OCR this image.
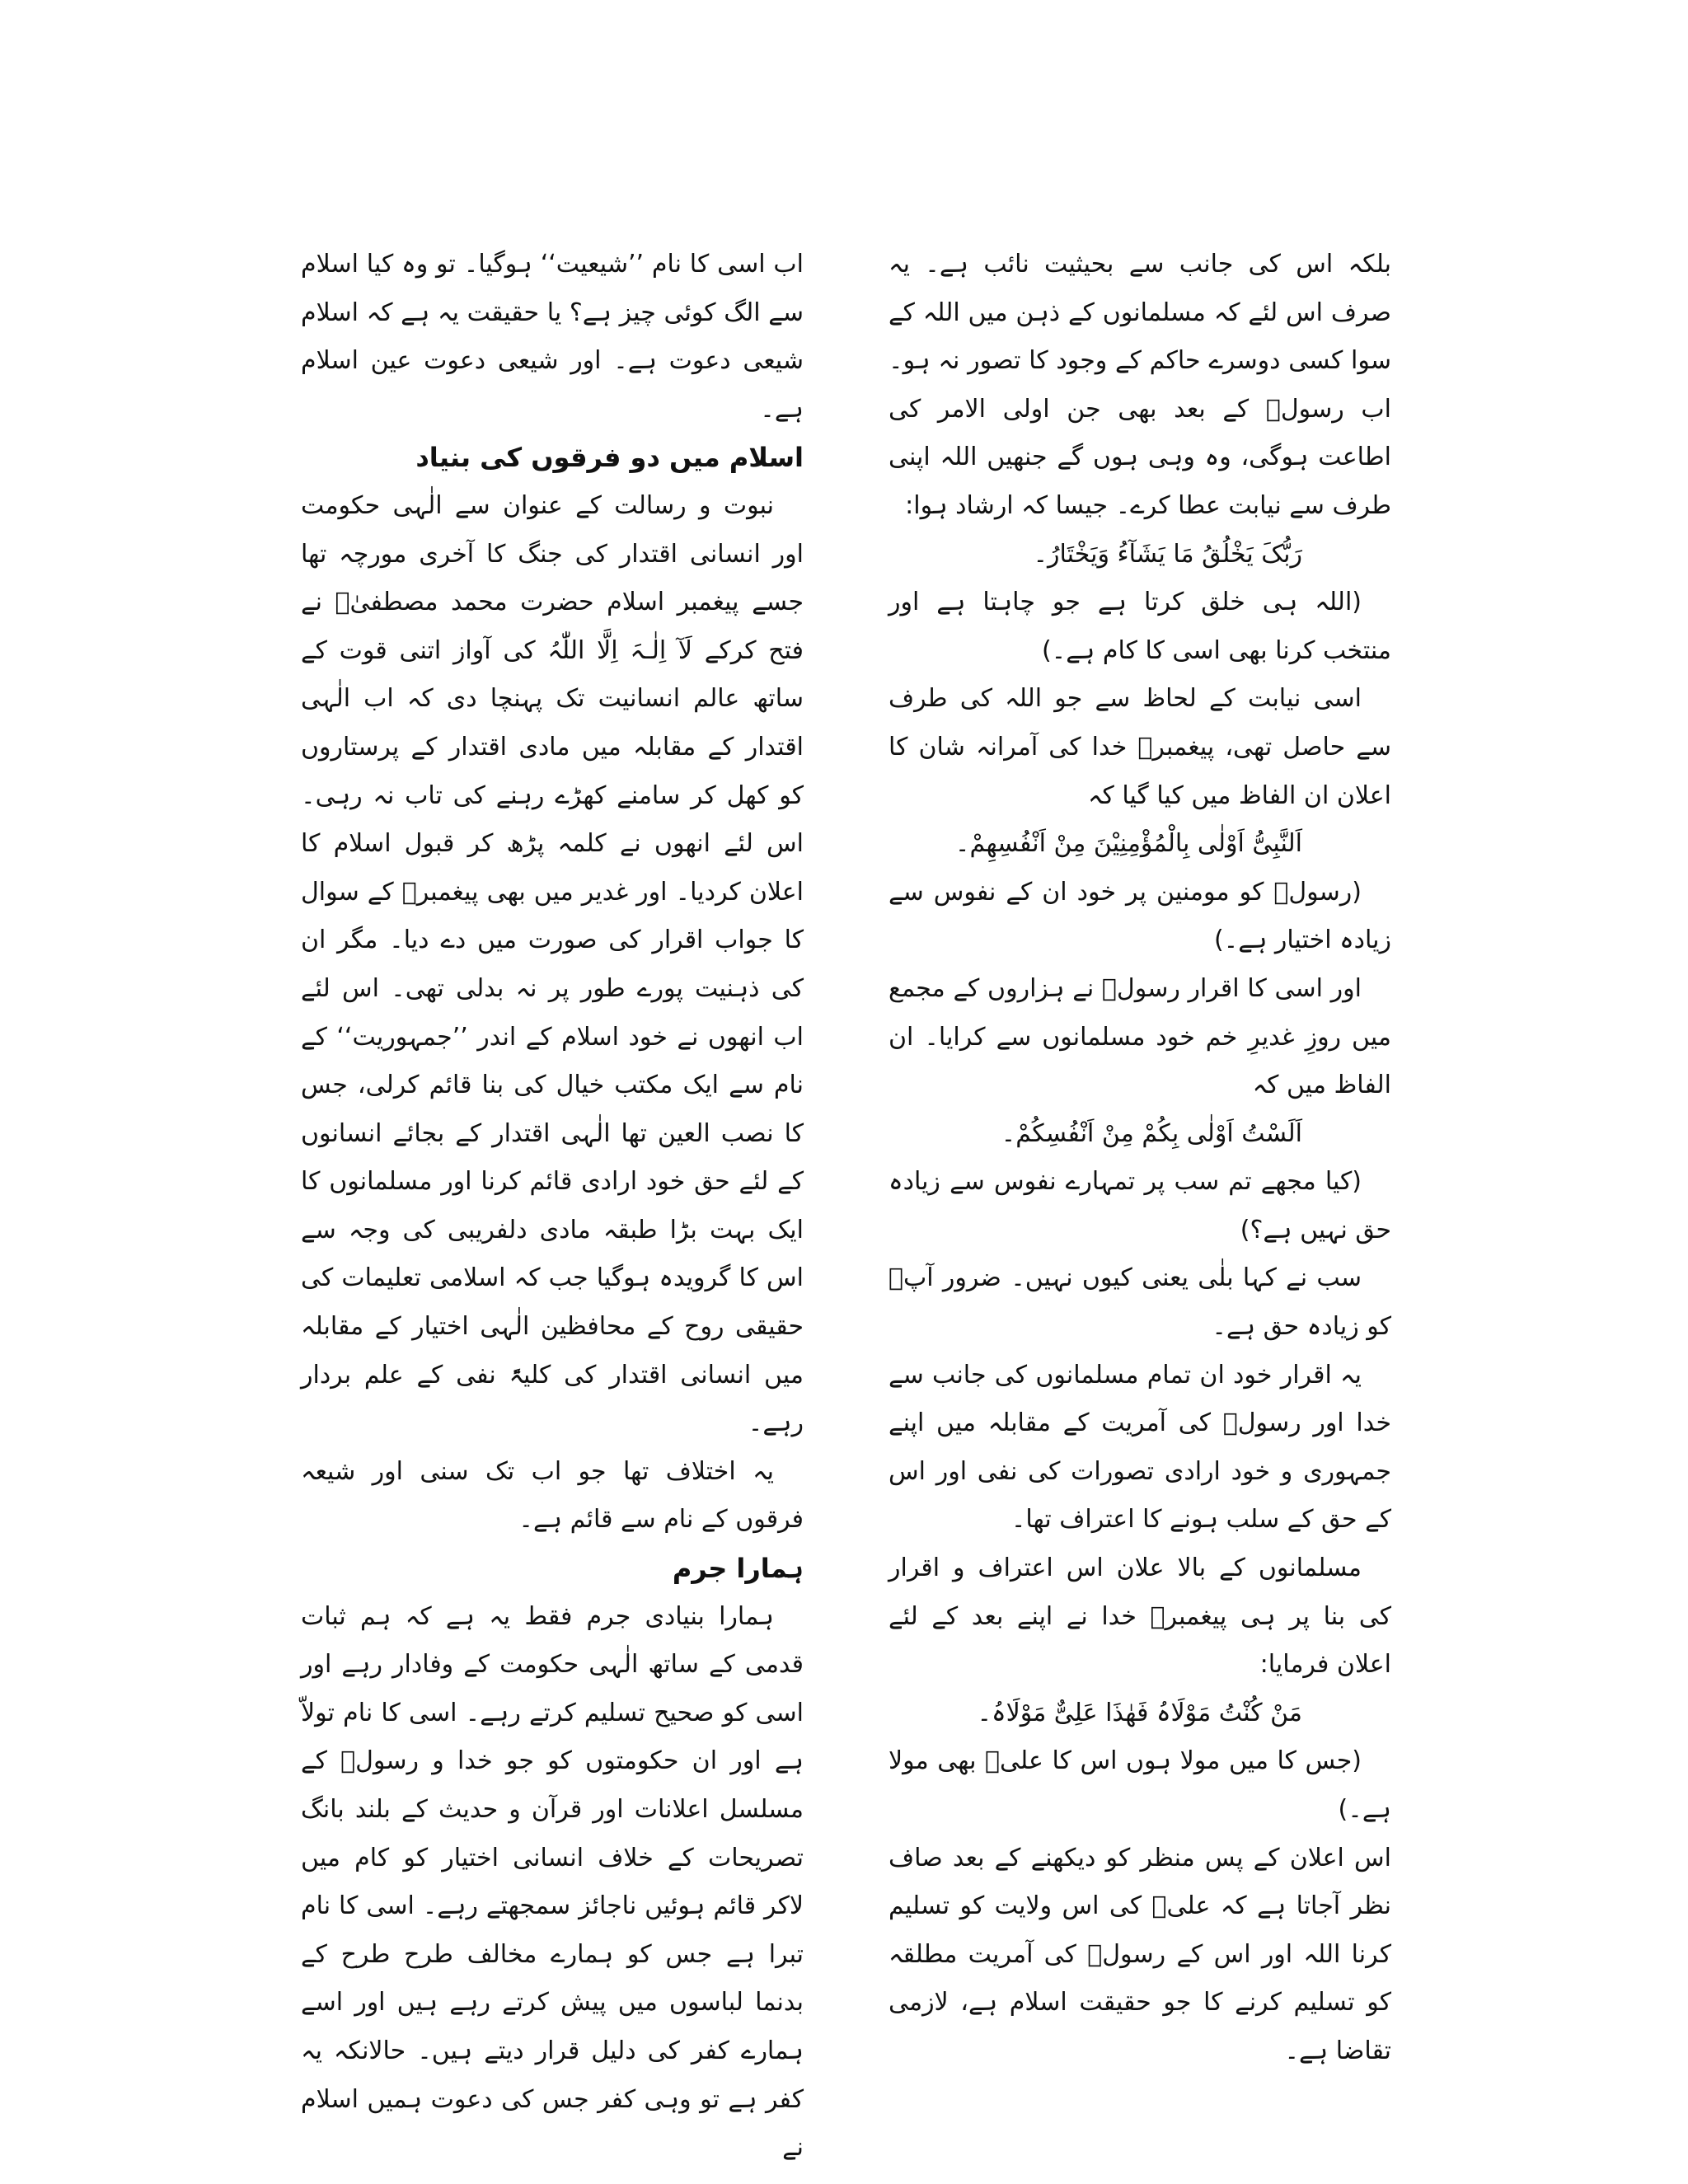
بلکہ اس کی جانب سے بحیثیت نائب ہے۔ یہ صرف اس لئے کہ مسلمانوں کے ذہن میں اللہ کے سوا کسی دوسرے حاکم کے وجود کا تصور نہ ہو۔ اب رسولؐ کے بعد بھی جن اولی الامر کی اطاعت ہوگی، وہ وہی ہوں گے جنھیں اللہ اپنی طرف سے نیابت عطا کرے۔ جیسا کہ ارشاد ہوا:

رَبُّکَ یَخْلُقُ مَا یَشَآءُ وَیَخْتَارُ۔

(اللہ ہی خلق کرتا ہے جو چاہتا ہے اور منتخب کرنا بھی اسی کا کام ہے۔)

اسی نیابت کے لحاظ سے جو اللہ کی طرف سے حاصل تھی، پیغمبرؐ خدا کی آمرانہ شان کا اعلان ان الفاظ میں کیا گیا کہ

اَلنَّبِیُّ اَوْلٰی بِالْمُؤْمِنِیْنَ مِنْ اَنْفُسِھِمْ۔

(رسولؐ کو مومنین پر خود ان کے نفوس سے زیادہ اختیار ہے۔)

اور اسی کا اقرار رسولؐ نے ہزاروں کے مجمع میں روزِ غدیرِ خم خود مسلمانوں سے کرایا۔ ان الفاظ میں کہ

اَلَسْتُ اَوْلٰی بِکُمْ مِنْ اَنْفُسِکُمْ۔

(کیا مجھے تم سب پر تمہارے نفوس سے زیادہ حق نہیں ہے؟)

سب نے کہا بلٰی یعنی کیوں نہیں۔ ضرور آپؐ کو زیادہ حق ہے۔

یہ اقرار خود ان تمام مسلمانوں کی جانب سے خدا اور رسولؐ کی آمریت کے مقابلہ میں اپنے جمہوری و خود ارادی تصورات کی نفی اور اس کے حق کے سلب ہونے کا اعتراف تھا۔

مسلمانوں کے بالا علان اس اعتراف و اقرار کی بنا پر ہی پیغمبرؐ خدا نے اپنے بعد کے لئے اعلان فرمایا:

مَنْ کُنْتُ مَوْلَاہُ فَھٰذَا عَلِیٌّ مَوْلَاہُ۔

(جس کا میں مولا ہوں اس کا علیؑ بھی مولا ہے۔)

اس اعلان کے پس منظر کو دیکھنے کے بعد صاف نظر آجاتا ہے کہ علیؑ کی اس ولایت کو تسلیم کرنا اللہ اور اس کے رسولؐ کی آمریت مطلقہ کو تسلیم کرنے کا جو حقیقت اسلام ہے، لازمی تقاضا ہے۔

اب اسی کا نام ’’شیعیت‘‘ ہوگیا۔ تو وہ کیا اسلام سے الگ کوئی چیز ہے؟ یا حقیقت یہ ہے کہ اسلام شیعی دعوت ہے۔ اور شیعی دعوت عین اسلام ہے۔

اسلام میں دو فرقوں کی بنیاد

نبوت و رسالت کے عنوان سے الٰہی حکومت اور انسانی اقتدار کی جنگ کا آخری مورچہ تھا جسے پیغمبر اسلام حضرت محمد مصطفیٰؐ نے فتح کرکے لَآ اِلٰـہَ اِلَّا اللّٰہُ کی آواز اتنی قوت کے ساتھ عالم انسانیت تک پہنچا دی کہ اب الٰہی اقتدار کے مقابلہ میں مادی اقتدار کے پرستاروں کو کھل کر سامنے کھڑے رہنے کی تاب نہ رہی۔ اس لئے انھوں نے کلمہ پڑھ کر قبول اسلام کا اعلان کردیا۔ اور غدیر میں بھی پیغمبرؐ کے سوال کا جواب اقرار کی صورت میں دے دیا۔ مگر ان کی ذہنیت پورے طور پر نہ بدلی تھی۔ اس لئے اب انھوں نے خود اسلام کے اندر ’’جمہوریت‘‘ کے نام سے ایک مکتب خیال کی بنا قائم کرلی، جس کا نصب العین تھا الٰہی اقتدار کے بجائے انسانوں کے لئے حق خود ارادی قائم کرنا اور مسلمانوں کا ایک بہت بڑا طبقہ مادی دلفریبی کی وجہ سے اس کا گرویدہ ہوگیا جب کہ اسلامی تعلیمات کی حقیقی روح کے محافظین الٰہی اختیار کے مقابلہ میں انسانی اقتدار کی کلیۃً نفی کے علم بردار رہے۔

یہ اختلاف تھا جو اب تک سنی اور شیعہ فرقوں کے نام سے قائم ہے۔

ہمارا جرم

ہمارا بنیادی جرم فقط یہ ہے کہ ہم ثبات قدمی کے ساتھ الٰہی حکومت کے وفادار رہے اور اسی کو صحیح تسلیم کرتے رہے۔ اسی کا نام تولاّ ہے اور ان حکومتوں کو جو خدا و رسولؐ کے مسلسل اعلانات اور قرآن و حدیث کے بلند بانگ تصریحات کے خلاف انسانی اختیار کو کام میں لاکر قائم ہوئیں ناجائز سمجھتے رہے۔ اسی کا نام تبرا ہے جس کو ہمارے مخالف طرح طرح کے بدنما لباسوں میں پیش کرتے رہے ہیں اور اسے ہمارے کفر کی دلیل قرار دیتے ہیں۔ حالانکہ یہ کفر ہے تو وہی کفر جس کی دعوت ہمیں اسلام نے
